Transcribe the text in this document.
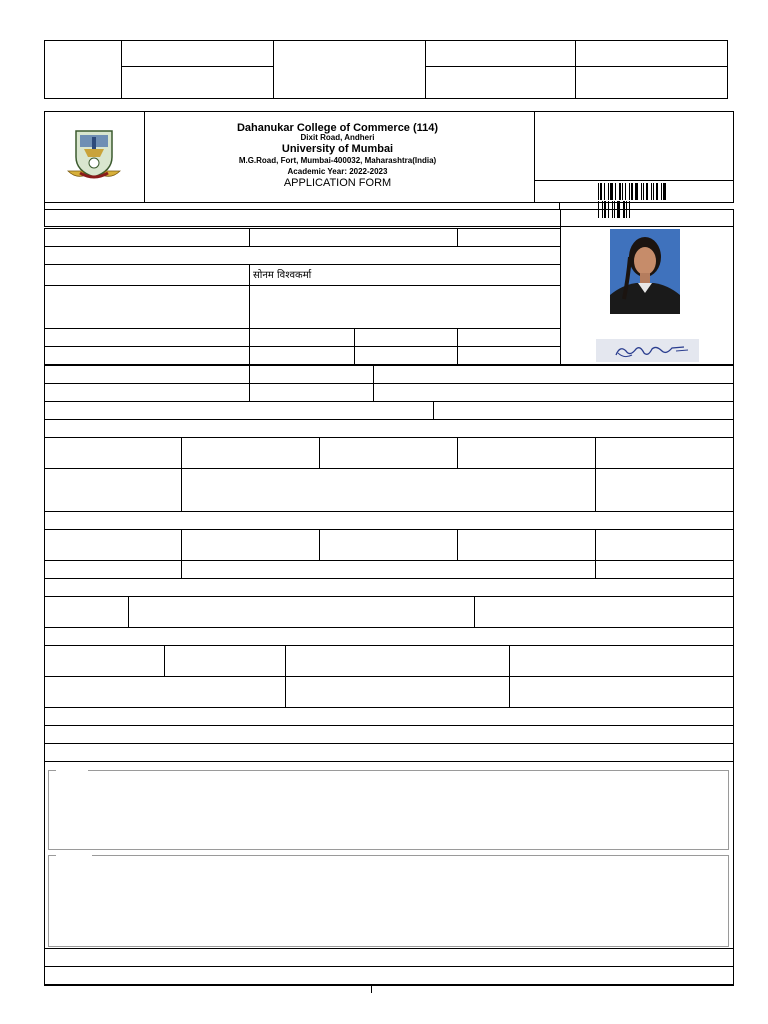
Dahanukar College of Commerce (114)
Dixit Road, Andheri
University of Mumbai
M.G.Road, Fort, Mumbai-400032, Maharashtra(India)
Academic Year: 2022-2023
APPLICATION FORM
सोनम विश्वकर्मा
